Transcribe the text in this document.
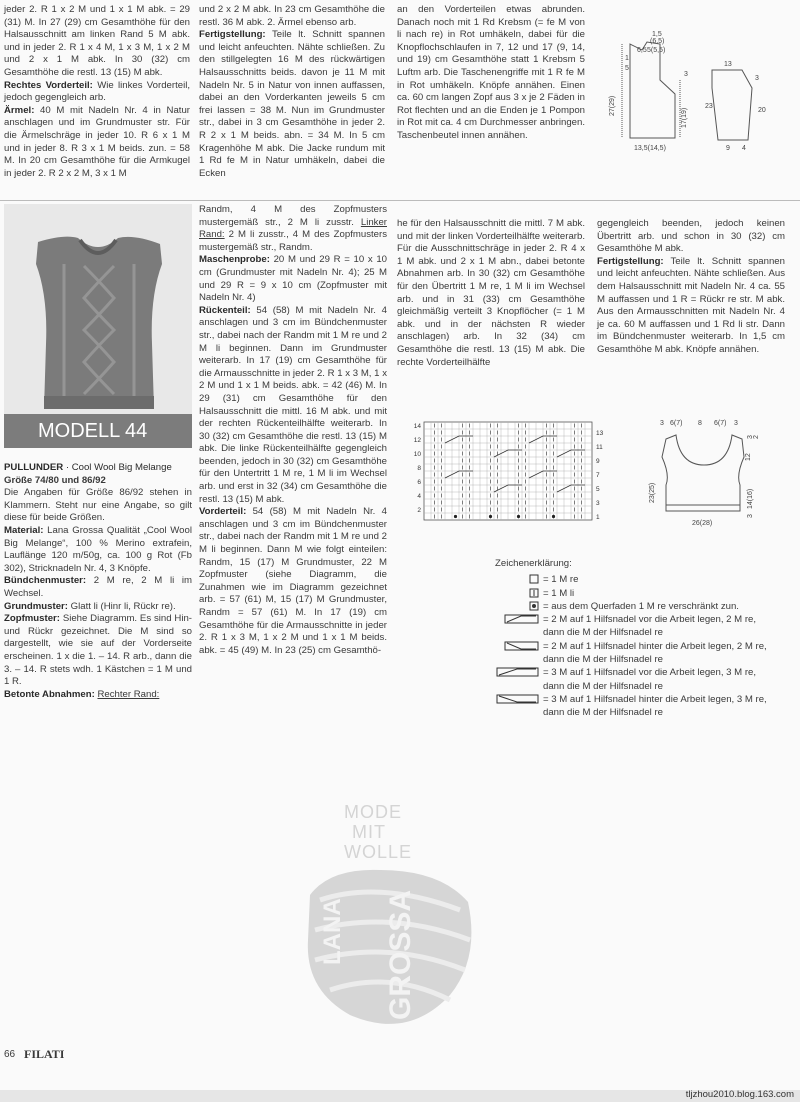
jeder 2. R 1 x 2 M und 1 x 1 M abk. = 29 (31) M. In 27 (29) cm Gesamthöhe für den Halsausschnitt am linken Rand 5 M abk. und in jeder 2. R 1 x 4 M, 1 x 3 M, 1 x 2 M und 2 x 1 M abk. In 30 (32) cm Gesamthöhe die restl. 13 (15) M abk.

Rechtes Vorderteil: Wie linkes Vorderteil, jedoch gegengleich arb.

Ärmel: 40 M mit Nadeln Nr. 4 in Natur anschlagen und im Grundmuster str. Für die Ärmelschräge in jeder 10. R 6 x 1 M und in jeder 8. R 3 x 1 M beids. zun. = 58 M. In 20 cm Gesamthöhe für die Armkugel in jeder 2. R 2 x 2 M, 3 x 1 M

und 2 x 2 M abk. In 23 cm Gesamthöhe die restl. 36 M abk. 2. Ärmel ebenso arb.

Fertigstellung: Teile lt. Schnitt spannen und leicht anfeuchten. Nähte schließen. Zu den stillgelegten 16 M des rückwärtigen Halsausschnitts beids. davon je 11 M mit Nadeln Nr. 5 in Natur von innen auffassen, dabei an den Vorderkanten jeweils 5 cm frei lassen = 38 M. Nun im Grundmuster str., dabei in 3 cm Gesamthöhe in jeder 2. R 2 x 1 M beids. abn. = 34 M. In 5 cm Kragenhöhe M abk. Die Jacke rundum mit 1 Rd fe M in Natur umhäkeln, dabei die Ecken

an den Vorderteilen etwas abrunden. Danach noch mit 1 Rd Krebsm (= fe M von li nach re) in Rot umhäkeln, dabei für die Knopflochschlaufen in 7, 12 und 17 (9, 14, und 19) cm Gesamthöhe statt 1 Krebsm 5 Luftm arb. Die Taschenengriffe mit 1 R fe M in Rot umhäkeln. Knöpfe annähen. Einen ca. 60 cm langen Zopf aus 3 x je 2 Fäden in Rot flechten und an die Enden je 1 Pompon in Rot mit ca. 4 cm Durchmesser anbringen. Taschenbeutel innen annähen.

1,5
(6,5)
6,5 5(5,5)
1
5
27(29)
17(19)
3
13,5(14,5)
13
3
23
20
9 4
MODELL 44

PULLUNDER · Cool Wool Big Melange

Größe 74/80 und 86/92

Die Angaben für Größe 86/92 stehen in Klammern. Steht nur eine Angabe, so gilt diese für beide Größen.

Material: Lana Grossa Qualität „Cool Wool Big Melange“, 100 % Merino extrafein, Lauflänge 120 m/50g, ca. 100 g Rot (Fb 302), Stricknadeln Nr. 4, 3 Knöpfe.

Bündchenmuster: 2 M re, 2 M li im Wechsel.

Grundmuster: Glatt li (Hinr li, Rückr re).

Zopfmuster: Siehe Diagramm. Es sind Hin- und Rückr gezeichnet. Die M sind so dargestellt, wie sie auf der Vorderseite erscheinen. 1 x die 1. – 14. R arb., dann die 3. – 14. R stets wdh. 1 Kästchen = 1 M und 1 R.

Betonte Abnahmen: Rechter Rand:

Randm, 4 M des Zopfmusters mustergemäß str., 2 M li zusstr. Linker Rand: 2 M li zusstr., 4 M des Zopfmusters mustergemäß str., Randm.

Maschenprobe: 20 M und 29 R = 10 x 10 cm (Grundmuster mit Nadeln Nr. 4); 25 M und 29 R = 9 x 10 cm (Zopfmuster mit Nadeln Nr. 4)

Rückenteil: 54 (58) M mit Nadeln Nr. 4 anschlagen und 3 cm im Bündchenmuster str., dabei nach der Randm mit 1 M re und 2 M li beginnen. Dann im Grundmuster weiterarb. In 17 (19) cm Gesamthöhe für die Armausschnitte in jeder 2. R 1 x 3 M, 1 x 2 M und 1 x 1 M beids. abk. = 42 (46) M. In 29 (31) cm Gesamthöhe für den Halsausschnitt die mittl. 16 M abk. und mit der rechten Rückenteilhälfte weiterarb. In 30 (32) cm Gesamthöhe die restl. 13 (15) M abk. Die linke Rückenteilhälfte gegengleich beenden, jedoch in 30 (32) cm Gesamthöhe für den Untertritt 1 M re, 1 M li im Wechsel arb. und erst in 32 (34) cm Gesamthöhe die restl. 13 (15) M abk.

Vorderteil: 54 (58) M mit Nadeln Nr. 4 anschlagen und 3 cm im Bündchenmuster str., dabei nach der Randm mit 1 M re und 2 M li beginnen. Dann M wie folgt einteilen: Randm, 15 (17) M Grundmuster, 22 M Zopfmuster (siehe Diagramm, die Zunahmen wie im Diagramm gezeichnet arb. = 57 (61) M, 15 (17) M Grundmuster, Randm = 57 (61) M. In 17 (19) cm Gesamthöhe für die Armausschnitte in jeder 2. R 1 x 3 M, 1 x 2 M und 1 x 1 M beids. abk. = 45 (49) M. In 23 (25) cm Gesamthö-

he für den Halsausschnitt die mittl. 7 M abk. und mit der linken Vorderteilhälfte weiterarb. Für die Ausschnittschräge in jeder 2. R 4 x 1 M abk. und 2 x 1 M abn., dabei betonte Abnahmen arb. In 30 (32) cm Gesamthöhe für den Übertritt 1 M re, 1 M li im Wechsel arb. und in 31 (33) cm Gesamthöhe gleichmäßig verteilt 3 Knopflöcher (= 1 M abk. und in der nächsten R wieder anschlagen) arb. In 32 (34) cm Gesamthöhe die restl. 13 (15) M abk. Die rechte Vorderteilhälfte

gegengleich beenden, jedoch keinen Übertritt arb. und schon in 30 (32) cm Gesamthöhe M abk.

Fertigstellung: Teile lt. Schnitt spannen und leicht anfeuchten. Nähte schließen. Aus dem Halsausschnitt mit Nadeln Nr. 4 ca. 55 M auffassen und 1 R = Rückr re str. M abk. Aus den Armausschnitten mit Nadeln Nr. 4 je ca. 60 M auffassen und 1 Rd li str. Dann im Bündchenmuster weiterarb. In 1,5 cm Gesamthöhe M abk. Knöpfe annähen.

14
12
10
8
6
4
2
13
11
9
7
5
3
1
3 6(7) 8 6(7) 3
3 2
12
14(16)
3
23(25)
26(28)
Zeichenerklärung:
= 1 M re
= 1 M li
= aus dem Querfaden 1 M re verschränkt zun.
= 2 M auf 1 Hilfsnadel vor die Arbeit legen, 2 M re, dann die M der Hilfsnadel re
= 2 M auf 1 Hilfsnadel hinter die Arbeit legen, 2 M re, dann die M der Hilfsnadel re
= 3 M auf 1 Hilfsnadel vor die Arbeit legen, 3 M re, dann die M der Hilfsnadel re
= 3 M auf 1 Hilfsnadel hinter die Arbeit legen, 3 M re, dann die M der Hilfsnadel re
MODE
MIT
WOLLE
LANA GROSSA
66 FILATI
tljzhou2010.blog.163.com
